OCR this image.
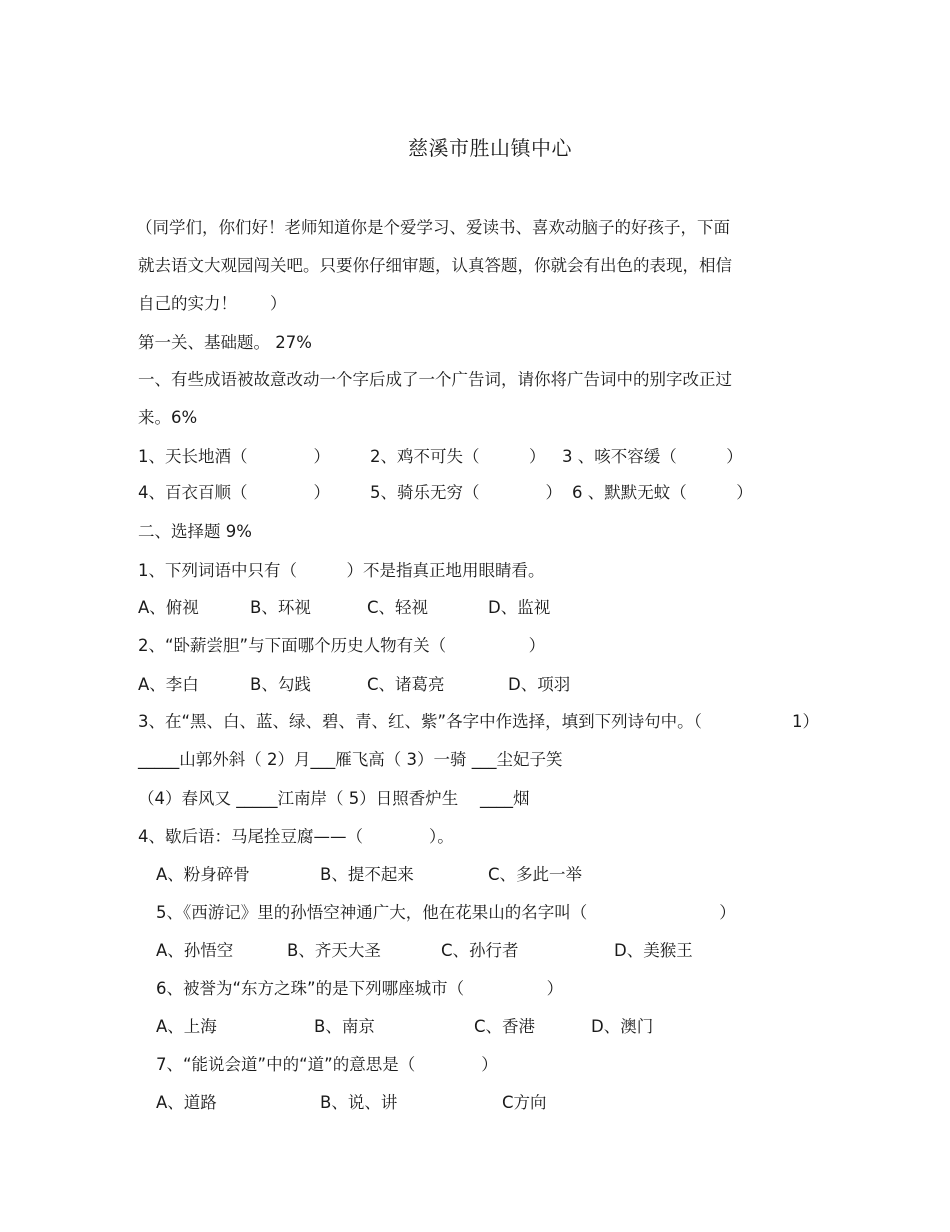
慈溪市胜山镇中心
（同学们，你们好！老师知道你是个爱学习、爱读书、喜欢动脑子的好孩子，下面
就去语文大观园闯关吧。只要你仔细审题，认真答题，你就会有出色的表现，相信
自己的实力！　　）
第一关、基础题。 27%
一、有些成语被故意改动一个字后成了一个广告词，请你将广告词中的别字改正过
来。6%
1、天长地酒（　　　　） 2、鸡不可失（　　　） 3 、咳不容缓（　　　）
4、百衣百顺（　　　　） 5、骑乐无穷（　　　　） 6 、默默无蚊（　　　）
二、选择题 9%
1、下列词语中只有（　　　）不是指真正地用眼睛看。
A、俯视	B、环视	C、轻视	D、监视
2、“卧薪尝胆”与下面哪个历史人物有关（　　　　　）
A、李白	B、勾践	C、诸葛亮	D、项羽
3、在“黑、白、蓝、绿、碧、青、红、紫”各字中作选择，填到下列诗句中。（	1）
_____山郭外斜（ 2）月___雁飞高（ 3）一骑 ___尘妃子笑
（4）春风又 _____江南岸（ 5）日照香炉生　 ____烟
4、歇后语：马尾拴豆腐——（　　　　）。
A、粉身碎骨	B、提不起来	C、多此一举
5、《西游记》里的孙悟空神通广大，他在花果山的名字叫（　　　　　　　　）
A、孙悟空	B、齐天大圣	C、孙行者	D、美猴王
6、被誉为“东方之珠”的是下列哪座城市（　　　　　）
A、上海	B、南京	C、香港	D、澳门
7、“能说会道”中的“道”的意思是（　　　　）
A、道路	B、说、讲	C方向
